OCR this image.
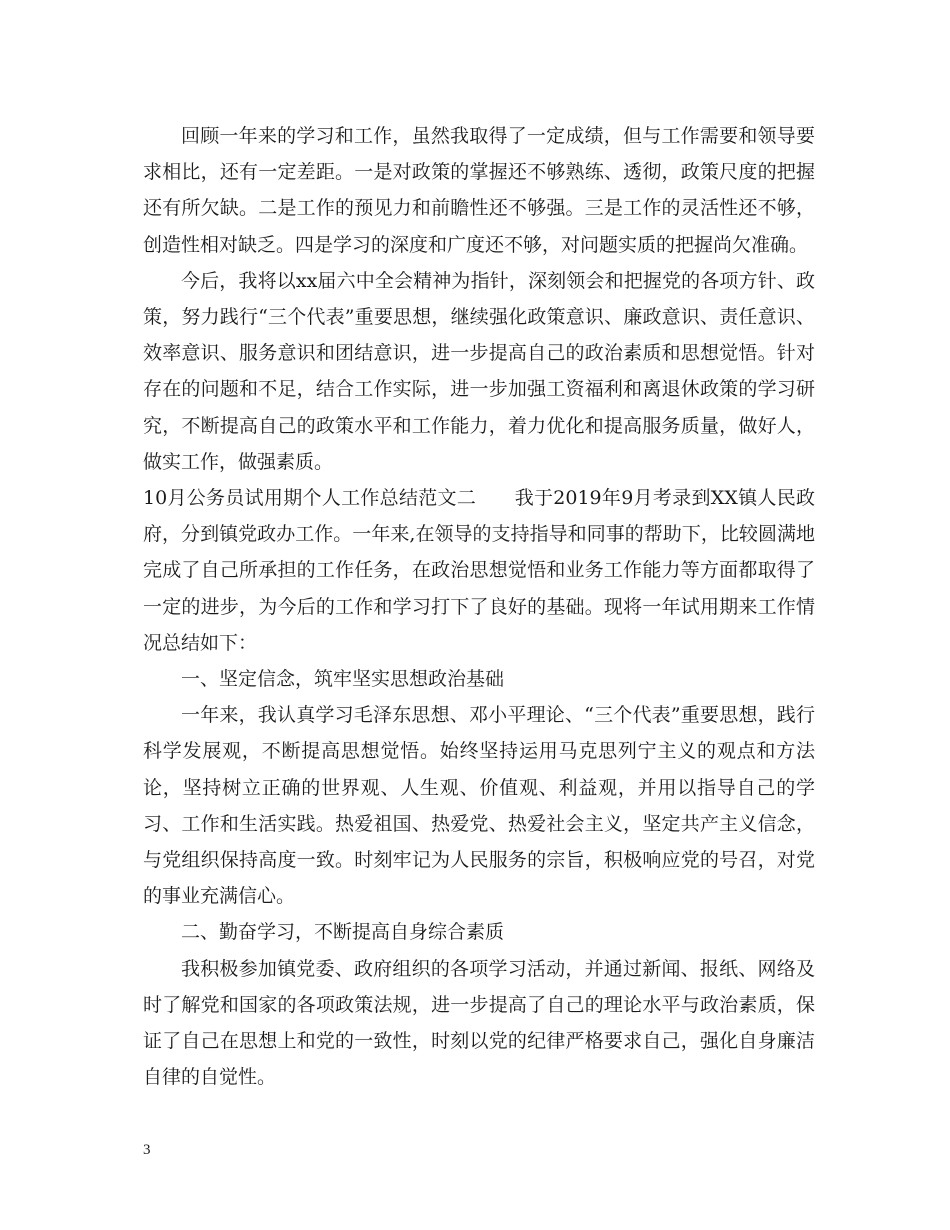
回顾一年来的学习和工作，虽然我取得了一定成绩，但与工作需要和领导要求相比，还有一定差距。一是对政策的掌握还不够熟练、透彻，政策尺度的把握还有所欠缺。二是工作的预见力和前瞻性还不够强。三是工作的灵活性还不够，创造性相对缺乏。四是学习的深度和广度还不够，对问题实质的把握尚欠准确。

今后，我将以xx届六中全会精神为指针，深刻领会和把握党的各项方针、政策，努力践行“三个代表”重要思想，继续强化政策意识、廉政意识、责任意识、效率意识、服务意识和团结意识，进一步提高自己的政治素质和思想觉悟。针对存在的问题和不足，结合工作实际，进一步加强工资福利和离退休政策的学习研究，不断提高自己的政策水平和工作能力，着力优化和提高服务质量，做好人，做实工作，做强素质。

10月公务员试用期个人工作总结范文二　　我于2019年9月考录到XX镇人民政府，分到镇党政办工作。一年来,在领导的支持指导和同事的帮助下，比较圆满地完成了自己所承担的工作任务，在政治思想觉悟和业务工作能力等方面都取得了一定的进步，为今后的工作和学习打下了良好的基础。现将一年试用期来工作情况总结如下：

一、坚定信念，筑牢坚实思想政治基础

一年来，我认真学习毛泽东思想、邓小平理论、“三个代表”重要思想，践行科学发展观，不断提高思想觉悟。始终坚持运用马克思列宁主义的观点和方法论，坚持树立正确的世界观、人生观、价值观、利益观，并用以指导自己的学习、工作和生活实践。热爱祖国、热爱党、热爱社会主义，坚定共产主义信念，与党组织保持高度一致。时刻牢记为人民服务的宗旨，积极响应党的号召，对党的事业充满信心。

二、勤奋学习，不断提高自身综合素质

我积极参加镇党委、政府组织的各项学习活动，并通过新闻、报纸、网络及时了解党和国家的各项政策法规，进一步提高了自己的理论水平与政治素质，保证了自己在思想上和党的一致性，时刻以党的纪律严格要求自己，强化自身廉洁自律的自觉性。

3
